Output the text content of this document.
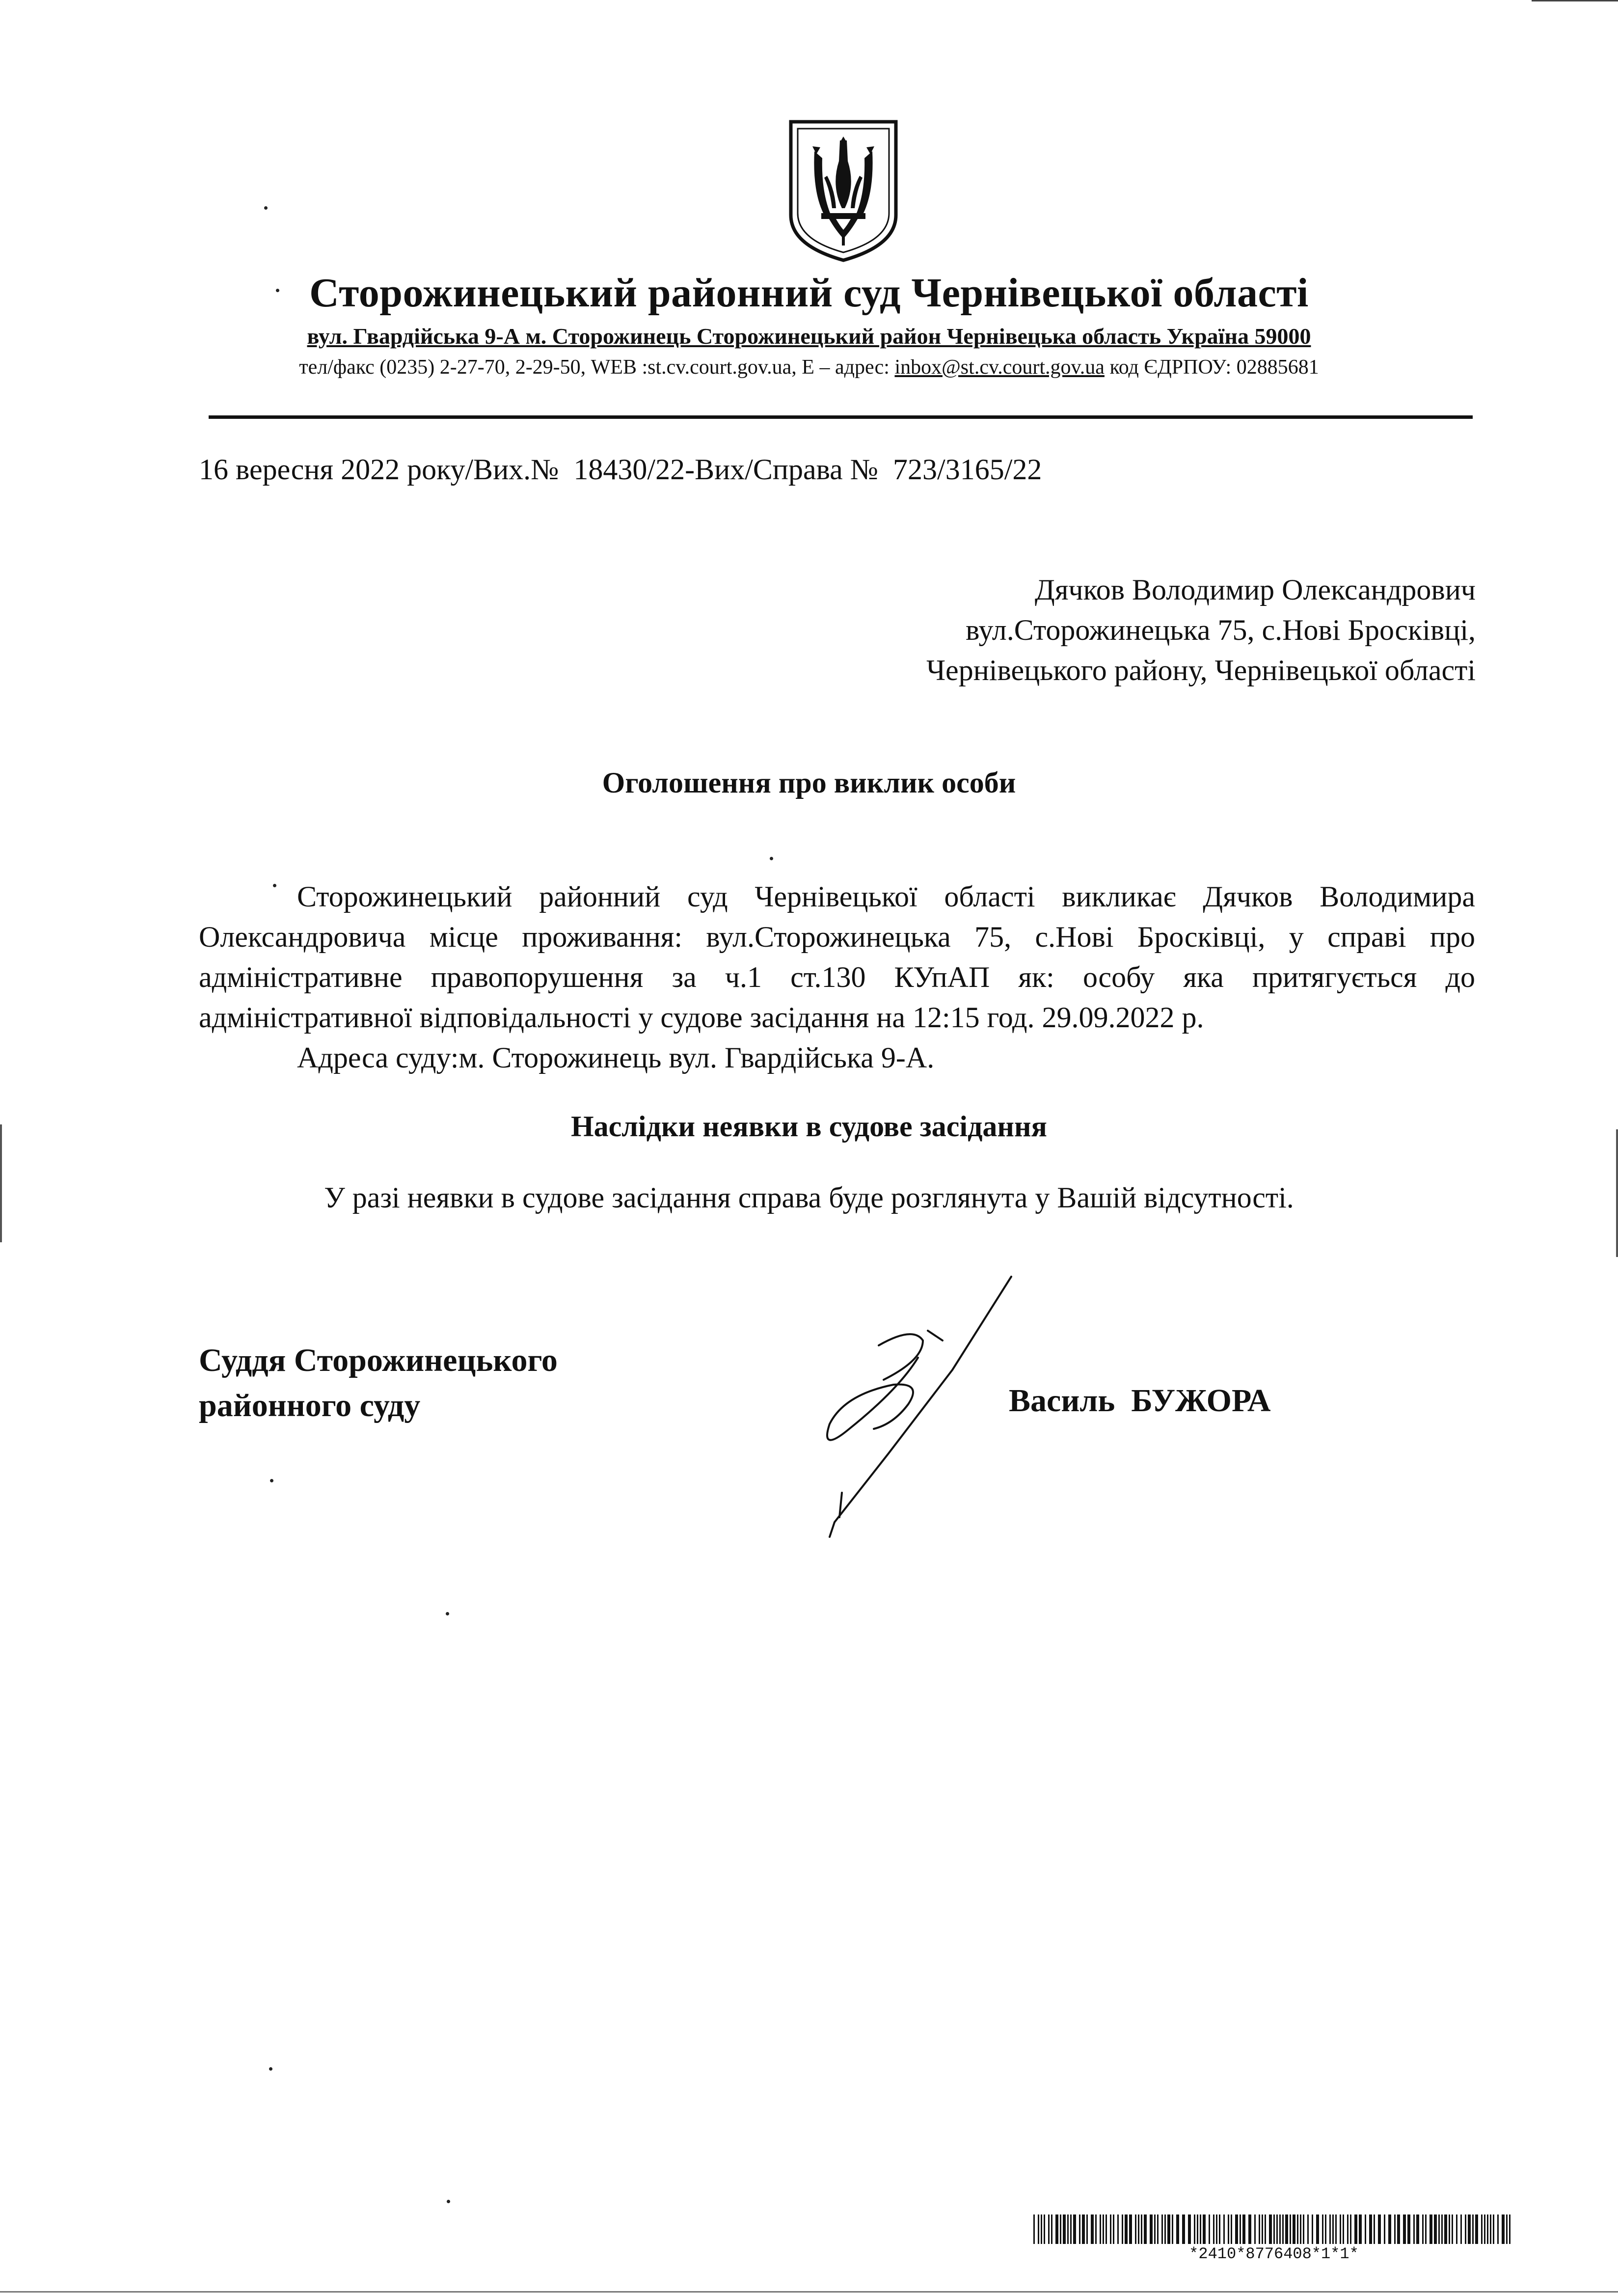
Сторожинецький районний суд Чернівецької області
вул. Гвардійська 9-А м. Сторожинець Сторожинецький район Чернівецька область Україна 59000
тел/факс (0235) 2-27-70, 2-29-50, WEB :st.cv.court.gov.ua, E – адрес: inbox@st.cv.court.gov.ua код ЄДРПОУ: 02885681
16 вересня 2022 року/Вих.№  18430/22-Вих/Справа №  723/3165/22
Дячков Володимир Олександрович
вул.Сторожинецька 75, с.Нові Бросківці,
Чернівецького району, Чернівецької області
Оголошення про виклик особи

Сторожинецький районний суд Чернівецької області викликає Дячков Володимира Олександровича місце проживання: вул.Сторожинецька 75, с.Нові Бросківці, у справі про адміністративне правопорушення за ч.1 ст.130 КУпАП як: особу яка притягується до адміністративної відповідальності у судове засідання на 12:15 год. 29.09.2022 р.

Адреса суду:м. Сторожинець вул. Гвардійська 9-А.

Наслідки неявки в судове засідання
У разі неявки в судове засідання справа буде розглянута у Вашій відсутності.
Суддя Сторожинецького
районного суду	Василь  БУЖОРА
*2410*8776408*1*1*
